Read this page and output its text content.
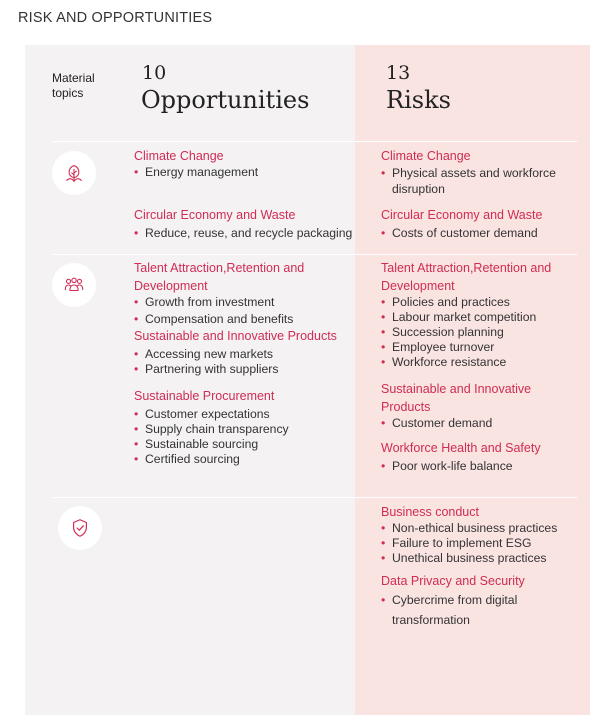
RISK AND OPPORTUNITIES
Material
topics
10
Opportunities
13
Risks
Climate Change
• Energy management
Circular Economy and Waste
• Reduce, reuse, and recycle packaging
Climate Change
• Physical assets and workforce disruption
Circular Economy and Waste
• Costs of customer demand
Talent Attraction,Retention and Development
• Growth from investment
• Compensation and benefits
Sustainable and Innovative Products
• Accessing new markets
• Partnering with suppliers
Sustainable Procurement
• Customer expectations
• Supply chain transparency
• Sustainable sourcing
• Certified sourcing
Talent Attraction,Retention and Development
• Policies and practices
• Labour market competition
• Succession planning
• Employee turnover
• Workforce resistance
Sustainable and Innovative Products
• Customer demand
Workforce Health and Safety
• Poor work-life balance
Business conduct
• Non-ethical business practices
• Failure to implement ESG
• Unethical business practices
Data Privacy and Security
• Cybercrime from digital transformation
